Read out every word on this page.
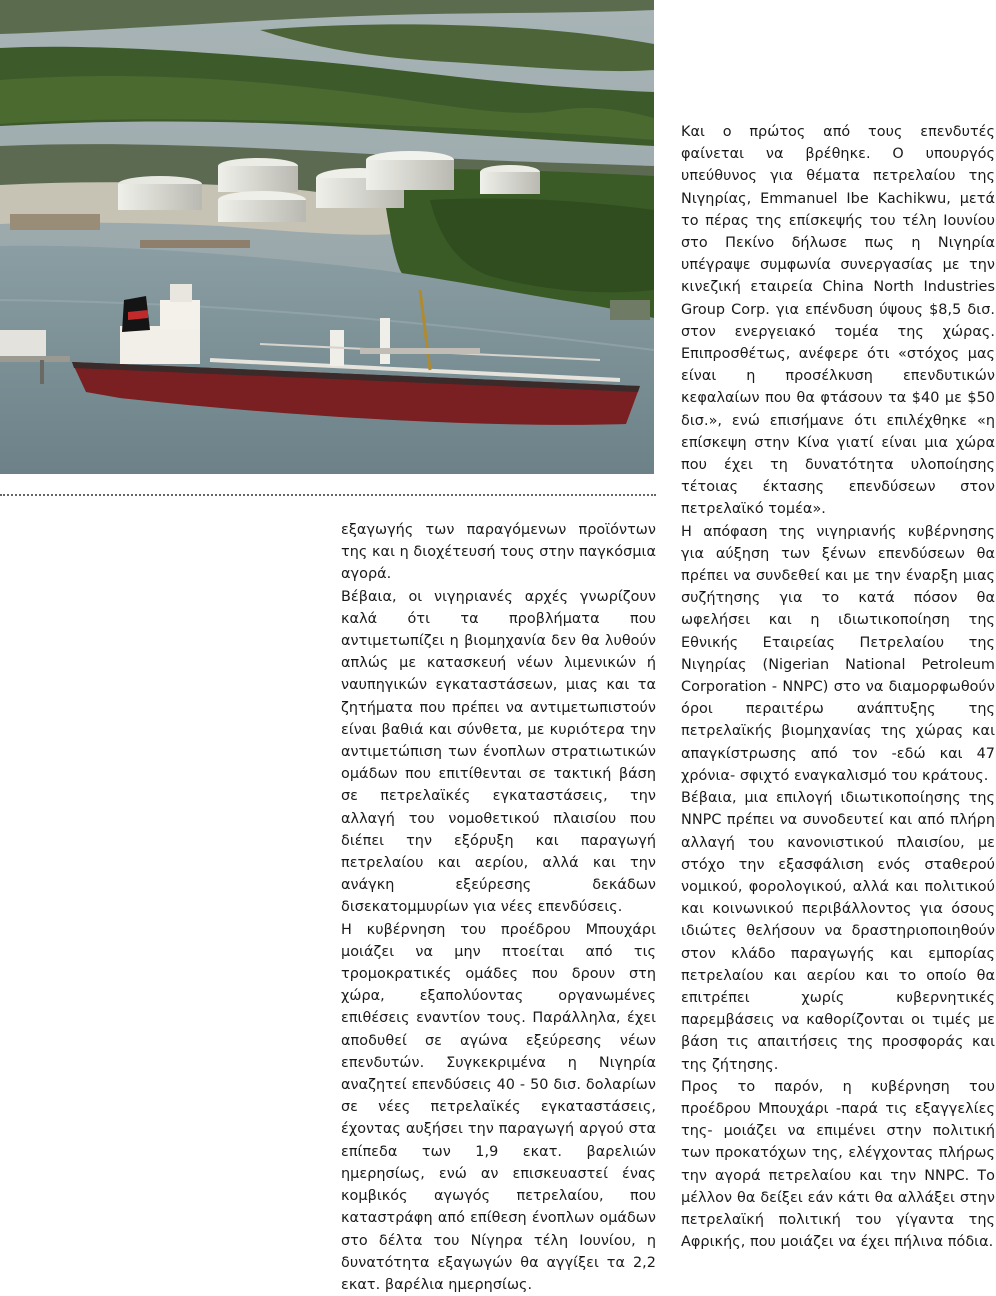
εξαγωγής των παραγόμενων προϊόντων της και η διοχέτευσή τους στην παγκόσμια αγορά.

Βέβαια, οι νιγηριανές αρχές γνωρίζουν καλά ότι τα προβλήματα που αντιμετωπίζει η βιομηχανία δεν θα λυθούν απλώς με κατασκευή νέων λιμενικών ή ναυπηγικών εγκαταστάσεων, μιας και τα ζητήματα που πρέπει να αντιμετωπιστούν είναι βαθιά και σύνθετα, με κυριότερα την αντιμετώπιση των ένοπλων στρατιωτικών ομάδων που επιτίθενται σε τακτική βάση σε πετρελαϊκές εγκαταστάσεις, την αλλαγή του νομοθετικού πλαισίου που διέπει την εξόρυξη και παραγωγή πετρελαίου και αερίου, αλλά και την ανάγκη εξεύρεσης δεκάδων δισεκατομμυρίων για νέες επενδύσεις.

Η κυβέρνηση του προέδρου Μπουχάρι μοιάζει να μην πτοείται από τις τρομοκρατικές ομάδες που δρουν στη χώρα, εξαπολύοντας οργανωμένες επιθέσεις εναντίον τους. Παράλληλα, έχει αποδυθεί σε αγώνα εξεύρεσης νέων επενδυτών. Συγκεκριμένα η Νιγηρία αναζητεί επενδύσεις 40 - 50 δισ. δολαρίων σε νέες πετρελαϊκές εγκαταστάσεις, έχοντας αυξήσει την παραγωγή αργού στα επίπεδα των 1,9 εκατ. βαρελιών ημερησίως, ενώ αν επισκευαστεί ένας κομβικός αγωγός πετρελαίου, που καταστράφη από επίθεση ένοπλων ομάδων στο δέλτα του Νίγηρα τέλη Ιουνίου, η δυνατότητα εξαγωγών θα αγγίξει τα 2,2 εκατ. βαρέλια ημερησίως.

Και ο πρώτος από τους επενδυτές φαίνεται να βρέθηκε. Ο υπουργός υπεύθυνος για θέματα πετρελαίου της Νιγηρίας, Emmanuel Ibe Kachikwu, μετά το πέρας της επίσκεψής του τέλη Ιουνίου στο Πεκίνο δήλωσε πως η Νιγηρία υπέγραψε συμφωνία συνεργασίας με την κινεζική εταιρεία China North Industries Group Corp. για επένδυση ύψους $8,5 δισ. στον ενεργειακό τομέα της χώρας. Επιπροσθέτως, ανέφερε ότι «στόχος μας είναι η προσέλκυση επενδυτικών κεφαλαίων που θα φτάσουν τα $40 με $50 δισ.», ενώ επισήμανε ότι επιλέχθηκε «η επίσκεψη στην Κίνα γιατί είναι μια χώρα που έχει τη δυνατότητα υλοποίησης τέτοιας έκτασης επενδύσεων στον πετρελαϊκό τομέα».

Η απόφαση της νιγηριανής κυβέρνησης για αύξηση των ξένων επενδύσεων θα πρέπει να συνδεθεί και με την έναρξη μιας συζήτησης για το κατά πόσον θα ωφελήσει και η ιδιωτικοποίηση της Εθνικής Εταιρείας Πετρελαίου της Νιγηρίας (Nigerian National Petroleum Corporation - NNPC) στο να διαμορφωθούν όροι περαιτέρω ανάπτυξης της πετρελαϊκής βιομηχανίας της χώρας και απαγκίστρωσης από τον -εδώ και 47 χρόνια- σφιχτό εναγκαλισμό του κράτους.

Βέβαια, μια επιλογή ιδιωτικοποίησης της NNPC πρέπει να συνοδευτεί και από πλήρη αλλαγή του κανονιστικού πλαισίου, με στόχο την εξασφάλιση ενός σταθερού νομικού, φορολογικού, αλλά και πολιτικού και κοινωνικού περιβάλλοντος για όσους ιδιώτες θελήσουν να δραστηριοποιηθούν στον κλάδο παραγωγής και εμπορίας πετρελαίου και αερίου και το οποίο θα επιτρέπει χωρίς κυβερνητικές παρεμβάσεις να καθορίζονται οι τιμές με βάση τις απαιτήσεις της προσφοράς και της ζήτησης.

Προς το παρόν, η κυβέρνηση του προέδρου Μπουχάρι -παρά τις εξαγγελίες της- μοιάζει να επιμένει στην πολιτική των προκατόχων της, ελέγχοντας πλήρως την αγορά πετρελαίου και την NNPC. Το μέλλον θα δείξει εάν κάτι θα αλλάξει στην πετρελαϊκή πολιτική του γίγαντα της Αφρικής, που μοιάζει να έχει πήλινα πόδια.
